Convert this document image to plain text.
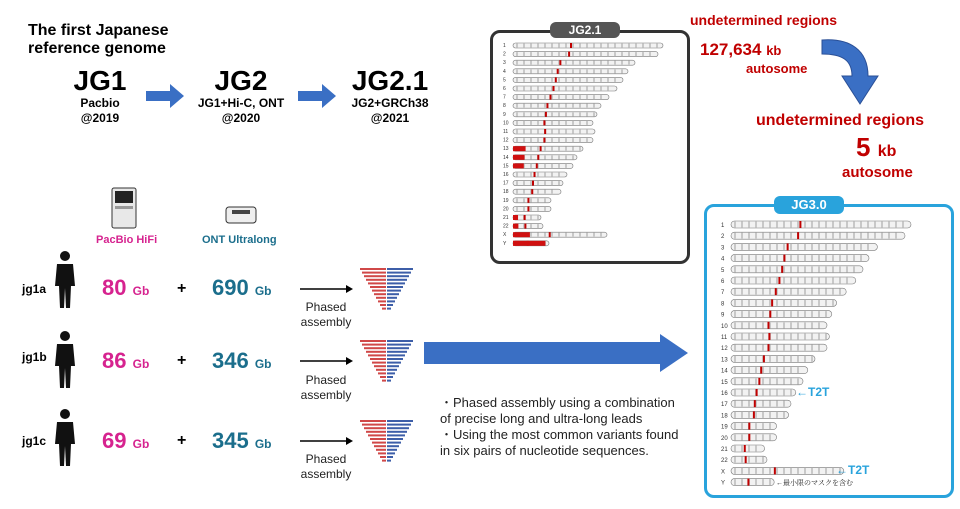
The first Japanese reference genome
JG1
Pacbio
@2019
JG2
JG1+Hi-C, ONT
@2020
JG2.1
JG2+GRCh38
@2021
PacBio HiFi	ONT Ultralong
jg1a	80 Gb + 690 Gb
Phased assembly
jg1b	86 Gb + 346 Gb
Phased assembly
jg1c	69 Gb + 345 Gb
Phased assembly
・Phased assembly using a combination of precise long and ultra-long leads
・Using the most common variants found in six pairs of nucleotide sequences.
1
2
3
4
5
6
7
8
9
10
11
12
13
14
15
16
17
18
19
20
21
22
X
Y
JG2.1
undetermined regions
127,634 kb
autosome
undetermined regions
5 kb
autosome
1
2
3
4
5
6
7
8
9
10
11
12
13
14
15
16
17
18
19
20
21
22
X
Y
JG3.0
←T2T
←T2T
←最小限のマスクを含む
